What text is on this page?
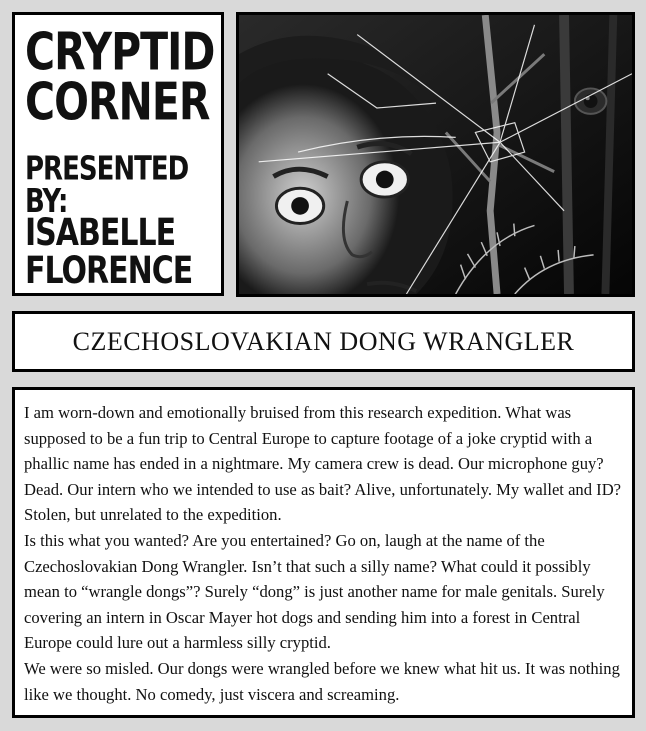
CRYPTID
CORNER
PRESENTED BY:
ISABELLE
FLORENCE
CZECHOSLOVAKIAN DONG WRANGLER

I am worn-down and emotionally bruised from this research expedition. What was supposed to be a fun trip to Central Europe to capture footage of a joke cryptid with a phallic name has ended in a nightmare. My camera crew is dead. Our microphone guy? Dead. Our intern who we intended to use as bait? Alive, unfortunately. My wallet and ID? Stolen, but unrelated to the expedition.

Is this what you wanted? Are you entertained? Go on, laugh at the name of the Czechoslovakian Dong Wrangler. Isn’t that such a silly name? What could it possibly mean to “wrangle dongs”? Surely “dong” is just another name for male genitals. Surely covering an intern in Oscar Mayer hot dogs and sending him into a forest in Central Europe could lure out a harmless silly cryptid.

We were so misled. Our dongs were wrangled before we knew what hit us. It was nothing like we thought. No comedy, just viscera and screaming.
